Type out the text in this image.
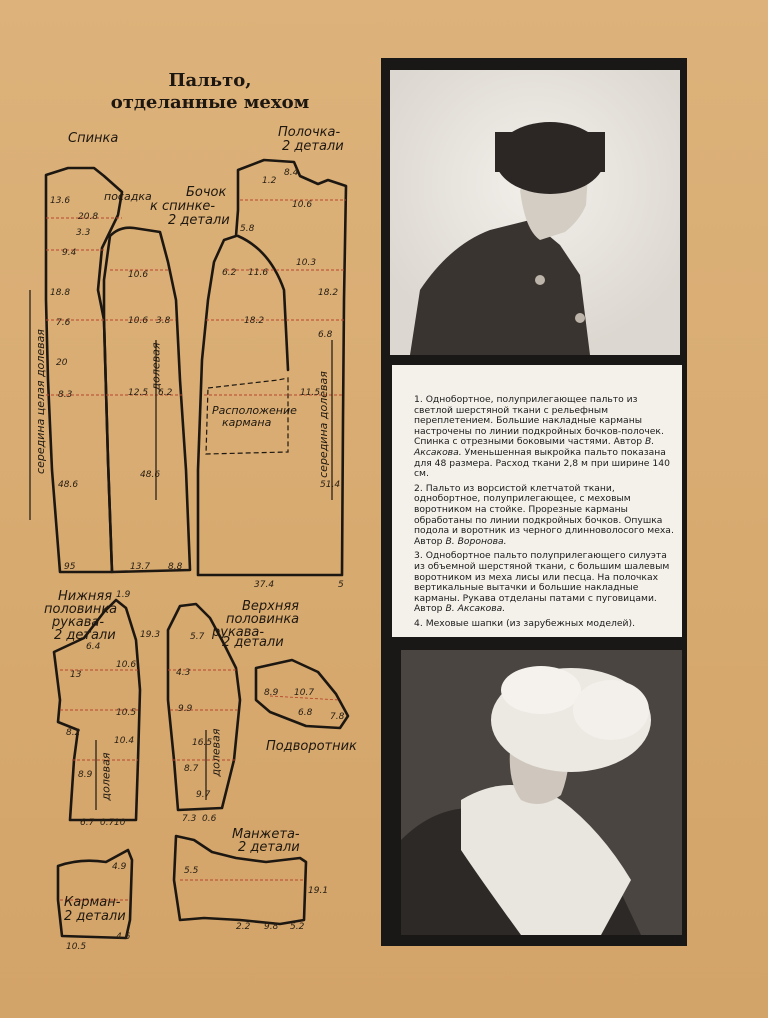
Пальто,
отделанные мехом
Спинка	Полочка-
2 детали
Бочок
к спинке-
2 детали
Расположение
кармана
посадка
Нижняя
половинка
рукава-
2 детали
Верхняя
половинка
рукава-
2 детали
Подворотник
Манжета-
2 детали
Карман-
2 детали
середина целая долевая	середина долевая
долевая
долевая
долевая
95	13.7 8.8
37.4	5
20.8
3.3
9.4
7.6
8.3
20
48.6
18.8
13.6
10.6
3.8
10.6
12.5 6.2
48.6
18.2
11.6
11.5
51.4
10.3
6.8
18.2
1.2
8.4
10.6
5.8
6.2
1.9
19.3
6.4
10.6
10.5
10.4
8.9
8.2
13
6.7 0.7 10
4.3
9.9
16.5
8.7
9.7
7.3 0.6
5.7
8.9 10.7
7.8
6.8
5.5
19.1
5.2
9.8
2.2
4.9
10.5
4.6
1. Однобортное, полуприлегающее пальто из светлой шерстяной ткани с рельефным переплетением. Большие накладные карманы настрочены по линии подкройных бочков-полочек. Спинка с отрезными боковыми частями. Автор В. Аксакова. Уменьшенная выкройка пальто показана для 48 размера. Расход ткани 2,8 м при ширине 140 см.
2. Пальто из ворсистой клетчатой ткани, однобортное, полуприлегающее, с меховым воротником на стойке. Прорезные карманы обработаны по линии подкройных бочков. Опушка подола и воротник из черного длинноволосого меха. Автор В. Воронова.
3. Однобортное пальто полуприлегающего силуэта из объемной шерстяной ткани, с большим шалевым воротником из меха лисы или песца. На полочках вертикальные вытачки и большие накладные карманы. Рукава отделаны патами с пуговицами. Автор В. Аксакова.
4. Меховые шапки (из зарубежных моделей).
